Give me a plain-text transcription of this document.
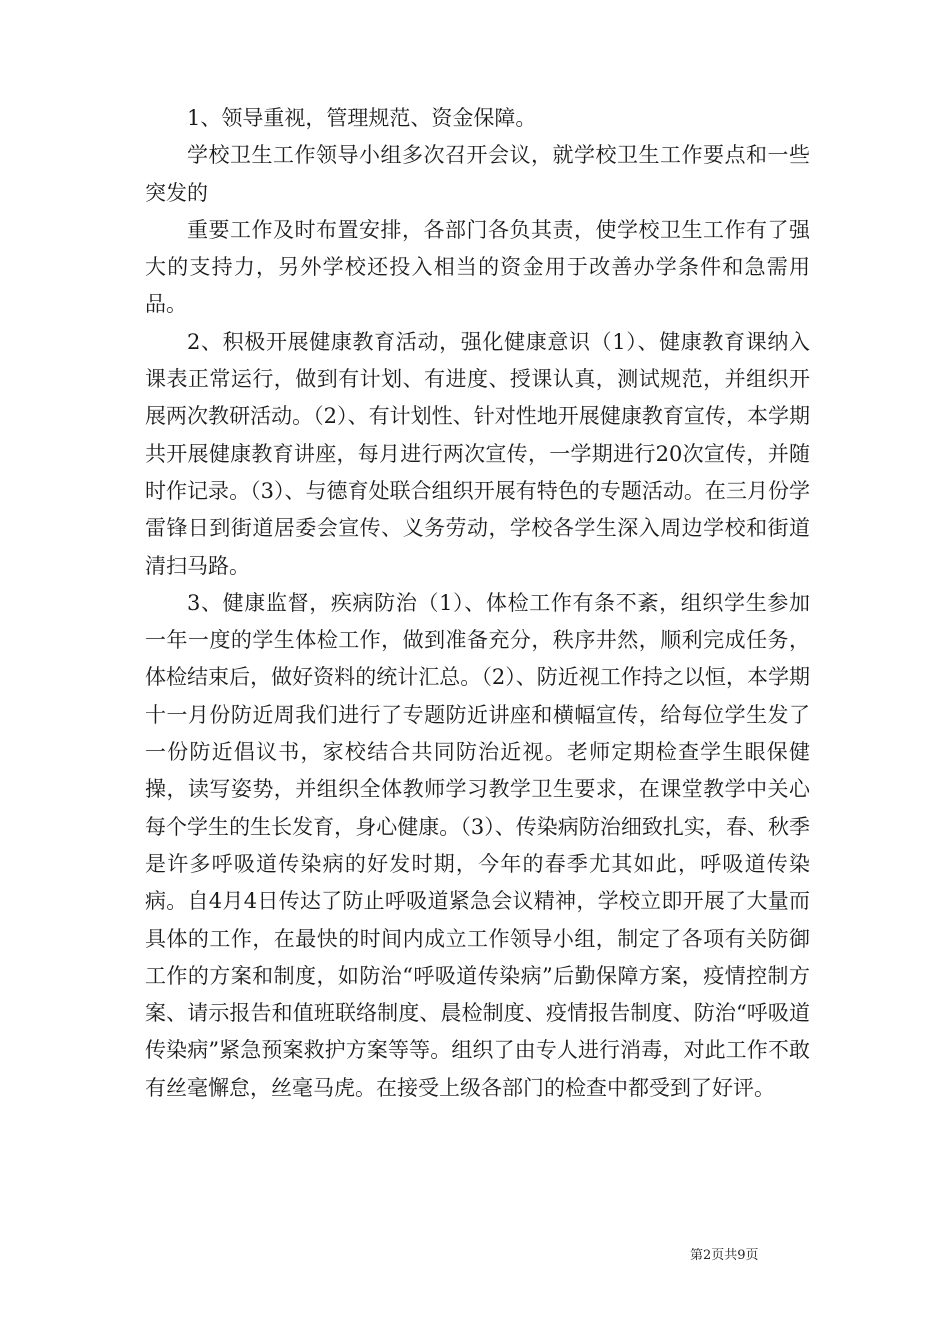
1、领导重视，管理规范、资金保障。

学校卫生工作领导小组多次召开会议，就学校卫生工作要点和一些突发的

重要工作及时布置安排，各部门各负其责，使学校卫生工作有了强大的支持力，另外学校还投入相当的资金用于改善办学条件和急需用品。

2、积极开展健康教育活动，强化健康意识（1）、健康教育课纳入课表正常运行，做到有计划、有进度、授课认真，测试规范，并组织开展两次教研活动。（2）、有计划性、针对性地开展健康教育宣传，本学期共开展健康教育讲座，每月进行两次宣传，一学期进行20次宣传，并随时作记录。（3）、与德育处联合组织开展有特色的专题活动。在三月份学雷锋日到街道居委会宣传、义务劳动，学校各学生深入周边学校和街道清扫马路。

3、健康监督，疾病防治（1）、体检工作有条不紊，组织学生参加一年一度的学生体检工作，做到准备充分，秩序井然，顺利完成任务，体检结束后，做好资料的统计汇总。（2）、防近视工作持之以恒，本学期十一月份防近周我们进行了专题防近讲座和横幅宣传，给每位学生发了一份防近倡议书，家校结合共同防治近视。老师定期检查学生眼保健操，读写姿势，并组织全体教师学习教学卫生要求，在课堂教学中关心每个学生的生长发育，身心健康。（3）、传染病防治细致扎实，春、秋季是许多呼吸道传染病的好发时期，今年的春季尤其如此，呼吸道传染病。自4月4日传达了防止呼吸道紧急会议精神，学校立即开展了大量而具体的工作，在最快的时间内成立工作领导小组，制定了各项有关防御工作的方案和制度，如防治“呼吸道传染病”后勤保障方案，疫情控制方案、请示报告和值班联络制度、晨检制度、疫情报告制度、防治“呼吸道传染病”紧急预案救护方案等等。组织了由专人进行消毒，对此工作不敢有丝毫懈怠，丝毫马虎。在接受上级各部门的检查中都受到了好评。

第2页共9页
